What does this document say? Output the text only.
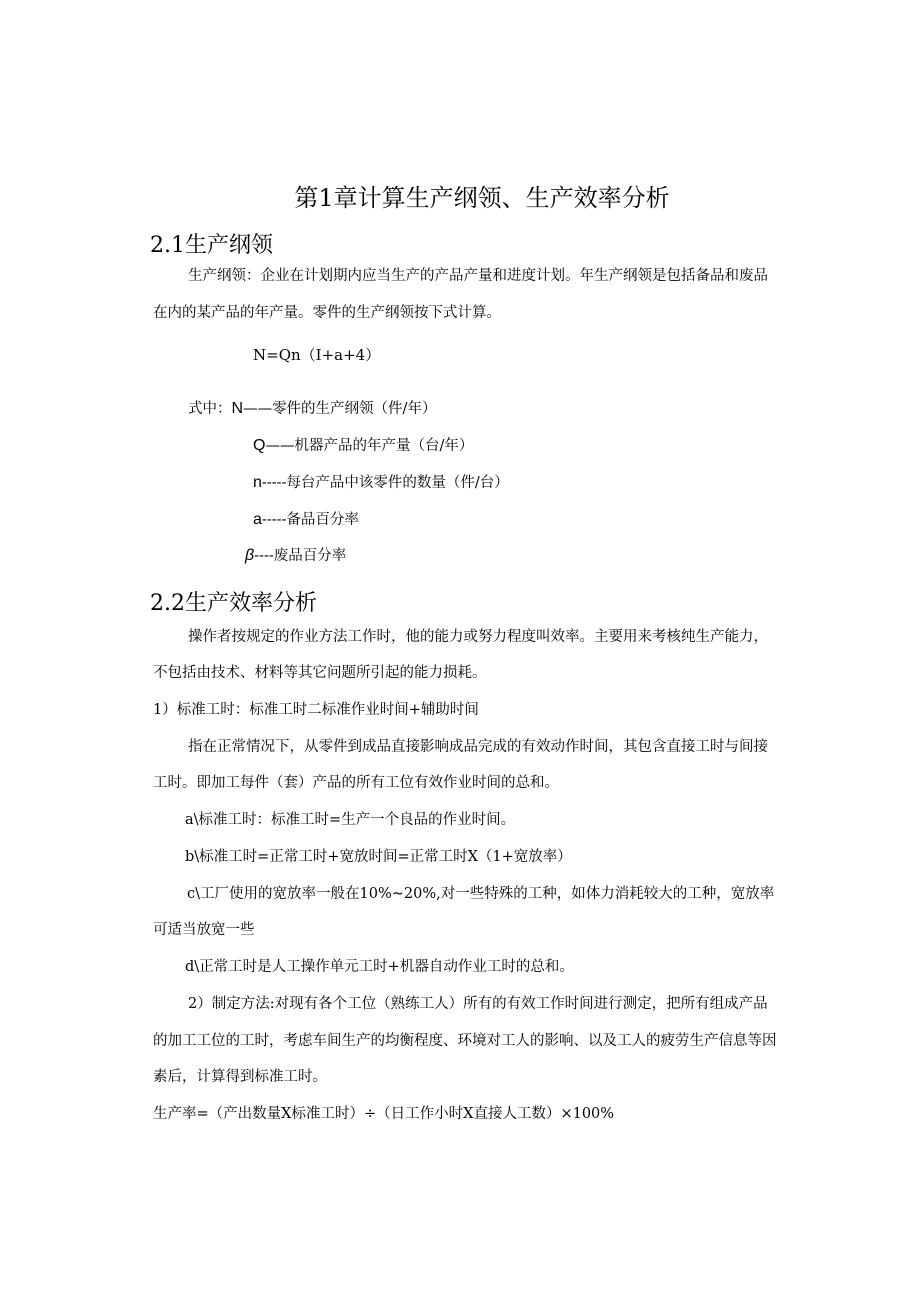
第1章计算生产纲领、生产效率分析
2.1生产纲领
生产纲领：企业在计划期内应当生产的产品产量和进度计划。年生产纲领是包括备品和废品
在内的某产品的年产量。零件的生产纲领按下式计算。
N=Qn（I+a+4）
式中：N——零件的生产纲领（件/年）
Q——机器产品的年产量（台/年）
n-----每台产品中该零件的数量（件/台）
a-----备品百分率
β----废品百分率
2.2生产效率分析
操作者按规定的作业方法工作时，他的能力或努力程度叫效率。主要用来考核纯生产能力，
不包括由技术、材料等其它问题所引起的能力损耗。
1）标准工时：标准工时二标准作业时间+辅助时间
指在正常情况下，从零件到成品直接影响成品完成的有效动作时间，其包含直接工时与间接
工时。即加工每件（套）产品的所有工位有效作业时间的总和。
a\标准工时：标准工时=生产一个良品的作业时间。
b\标准工时=正常工时+宽放时间=正常工时X（1+宽放率）
c\工厂使用的宽放率一般在10%~20%,对一些特殊的工种，如体力消耗较大的工种，宽放率
可适当放宽一些
d\正常工时是人工操作单元工时+机器自动作业工时的总和。
2）制定方法:对现有各个工位（熟练工人）所有的有效工作时间进行测定，把所有组成产品
的加工工位的工时，考虑车间生产的均衡程度、环境对工人的影响、以及工人的疲劳生产信息等因
素后，计算得到标准工时。
生产率=（产出数量X标准工时）÷（日工作小时X直接人工数）×100%
